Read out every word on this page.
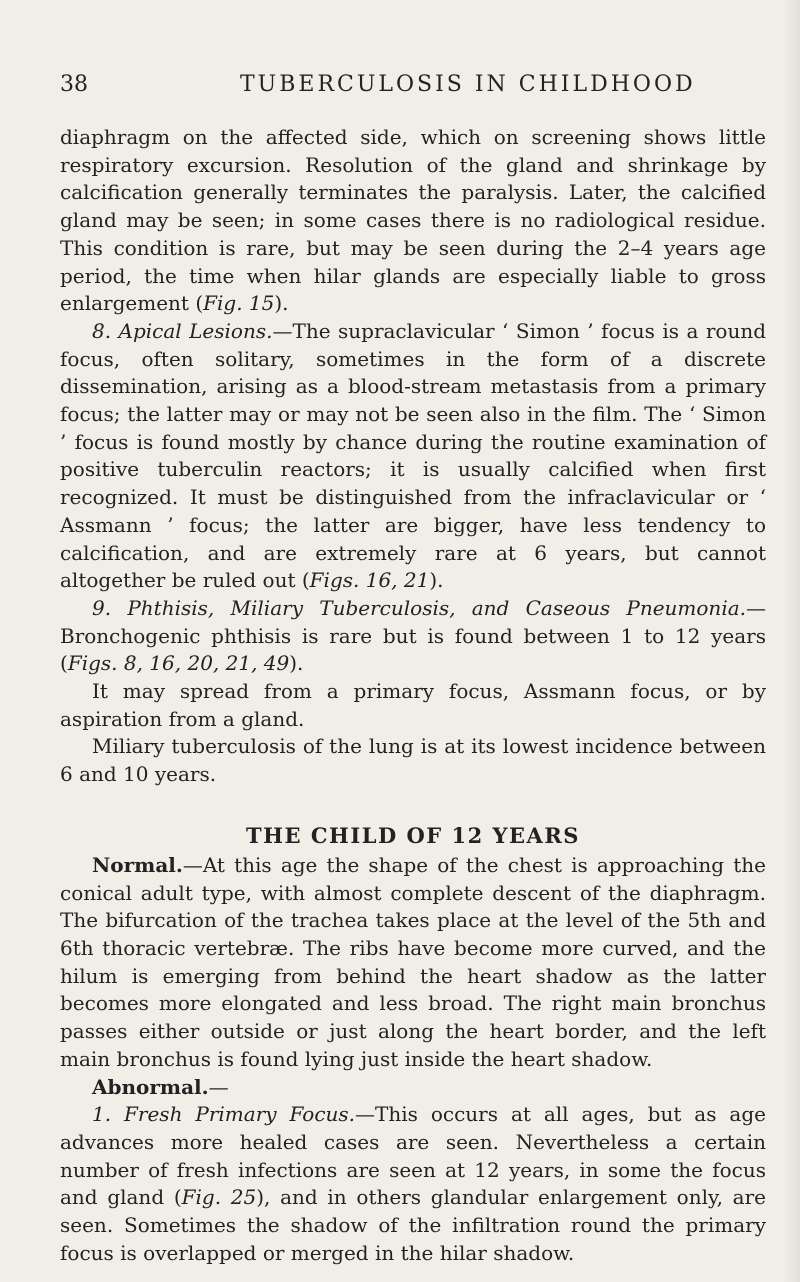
38	TUBERCULOSIS IN CHILDHOOD

diaphragm on the affected side, which on screening shows little respiratory excursion. Resolution of the gland and shrinkage by calcification generally terminates the paralysis. Later, the calcified gland may be seen; in some cases there is no radiological residue. This condition is rare, but may be seen during the 2–4 years age period, the time when hilar glands are especially liable to gross enlargement (Fig. 15).

8. Apical Lesions.—The supraclavicular ‘ Simon ’ focus is a round focus, often solitary, sometimes in the form of a discrete dissemination, arising as a blood-stream metastasis from a primary focus; the latter may or may not be seen also in the film. The ‘ Simon ’ focus is found mostly by chance during the routine examination of positive tuberculin reactors; it is usually calcified when first recognized. It must be distinguished from the infraclavicular or ‘ Assmann ’ focus; the latter are bigger, have less tendency to calcification, and are extremely rare at 6 years, but cannot altogether be ruled out (Figs. 16, 21).

9. Phthisis, Miliary Tuberculosis, and Caseous Pneumonia.— Bronchogenic phthisis is rare but is found between 1 to 12 years (Figs. 8, 16, 20, 21, 49).

It may spread from a primary focus, Assmann focus, or by aspiration from a gland.

Miliary tuberculosis of the lung is at its lowest incidence between 6 and 10 years.

THE CHILD OF 12 YEARS

Normal.—At this age the shape of the chest is approaching the conical adult type, with almost complete descent of the diaphragm. The bifurcation of the trachea takes place at the level of the 5th and 6th thoracic vertebræ. The ribs have become more curved, and the hilum is emerging from behind the heart shadow as the latter becomes more elongated and less broad. The right main bronchus passes either outside or just along the heart border, and the left main bronchus is found lying just inside the heart shadow.

Abnormal.—

1. Fresh Primary Focus.—This occurs at all ages, but as age advances more healed cases are seen. Nevertheless a certain number of fresh infections are seen at 12 years, in some the focus and gland (Fig. 25), and in others glandular enlargement only, are seen. Sometimes the shadow of the infiltration round the primary focus is overlapped or merged in the hilar shadow.
